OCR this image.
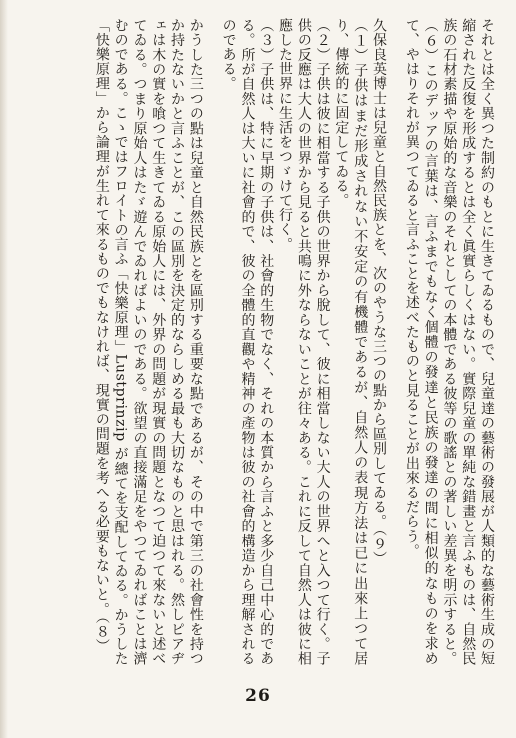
それとは全く異つた制約のもとに生きてゐるもので、兒童達の藝術の發展が人類的な藝術生成の短縮された反復を形成するとは全く眞實らしくはない。實際兒童の單純な錯畫と言ふものは、自然民族の石材素描や原始的な音樂のそれとしての本體である彼等の歌謠との著しい差異を明示すると。（６）このデッアの言葉は、言ふまでもなく個體の發達と民族の發達の間に相似的なものを求めて、やはりそれが異つてゐると言ふことを述べたものと見ることが出來るだらう。

久保良英博士は兒童と自然民族とを、次のやうな三つの點から區別してゐる。（９）

（１）子供はまだ形成されない不安定の有機體であるが、自然人の表現方法は已に出來上つて居り、傳統的に固定してゐる。

（２）子供は彼に相當する子供の世界から脫して、彼に相當しない大人の世界へと入つて行く。子供の反應は大人の世界から見ると共鳴に外ならないことが往々ある。これに反して自然人は彼に相應した世界に生活をつゞけて行く。

（３）子供は、特に早期の子供は、社會的生物でなく、それの本質から言ふと多少自己中心的である。所が自然人は大いに社會的で、彼の全體的直觀や精神の產物は彼の社會的構造から理解されるのである。

かうした三つの點は兒童と自然民族とを區別する重要な點であるが、その中で第三の社會性を持つか持たないかと言ふことが、この區別を決定的ならしめる最も大切なものと思はれる。然しピアヂェは木の實を喰つて生きてゐる原始人には、外界の問題が現實の問題となつて迫つて來ないと述べてゐる。つまり原始人はたゞ遊んでゐればよいのである。欲望の直接滿足をやつてゐればことは濟むのである。こゝではフロイトの言ふ「快樂原理」Lustprinzip が總てを支配してゐる。かうした「快樂原理」から論理が生れて來るものでもなければ、現實の問題を考へる必要もないと。（８）

26
